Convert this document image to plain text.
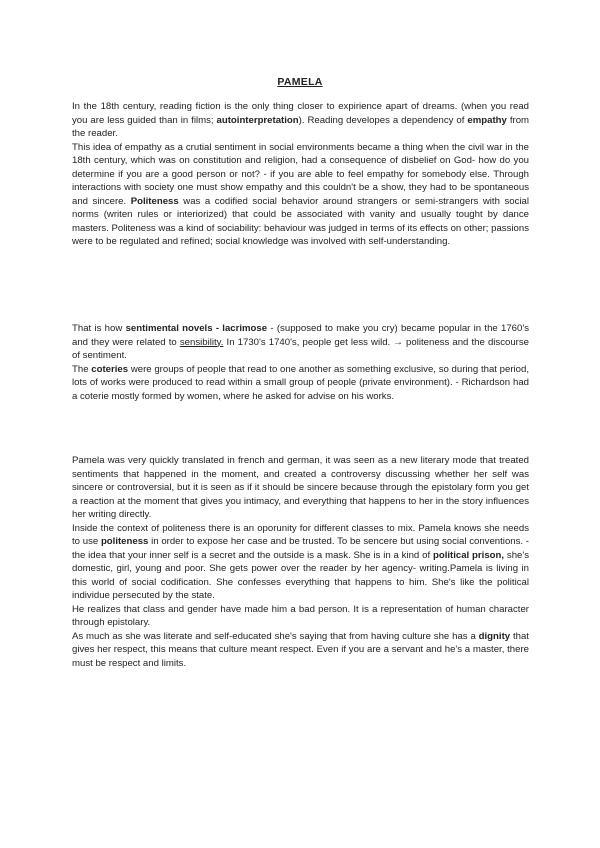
PAMELA

In the 18th century, reading fiction is the only thing closer to expirience apart of dreams. (when you read you are less guided than in films; autointerpretation). Reading developes a dependency of empathy from the reader.

This idea of empathy as a crutial sentiment in social environments became a thing when the civil war in the 18th century, which was on constitution and religion, had a consequence of disbelief on God- how do you determine if you are a good person or not? - if you are able to feel empathy for somebody else. Through interactions with society one must show empathy and this couldn't be a show, they had to be spontaneous and sincere. Politeness was a codified social behavior around strangers or semi-strangers with social norms (writen rules or interiorized) that could be associated with vanity and usually tought by dance masters. Politeness was a kind of sociability: behaviour was judged in terms of its effects on other; passions were to be regulated and refined; social knowledge was involved with self-understanding.

That is how sentimental novels - lacrimose - (supposed to make you cry) became popular in the 1760's and they were related to sensibility. In 1730's 1740's, people get less wild. → politeness and the discourse of sentiment.

The coteries were groups of people that read to one another as something exclusive, so during that period, lots of works were produced to read within a small group of people (private environment). - Richardson had a coterie mostly formed by women, where he asked for advise on his works.

Pamela was very quickly translated in french and german, it was seen as a new literary mode that treated sentiments that happened in the moment, and created a controversy discussing whether her self was sincere or controversial, but it is seen as if it should be sincere because through the epistolary form you get a reaction at the moment that gives you intimacy, and everything that happens to her in the story influences her writing directly.

Inside the context of politeness there is an oporunity for different classes to mix. Pamela knows she needs to use politeness in order to expose her case and be trusted. To be sencere but using social conventions. - the idea that your inner self is a secret and the outside is a mask. She is in a kind of political prison, she's domestic, girl, young and poor. She gets power over the reader by her agency- writing.Pamela is living in this world of social codification. She confesses everything that happens to him. She's like the political individue persecuted by the state.

He realizes that class and gender have made him a bad person. It is a representation of human character through epistolary.

As much as she was literate and self-educated she's saying that from having culture she has a dignity that gives her respect, this means that culture meant respect. Even if you are a servant and he's a master, there must be respect and limits.
